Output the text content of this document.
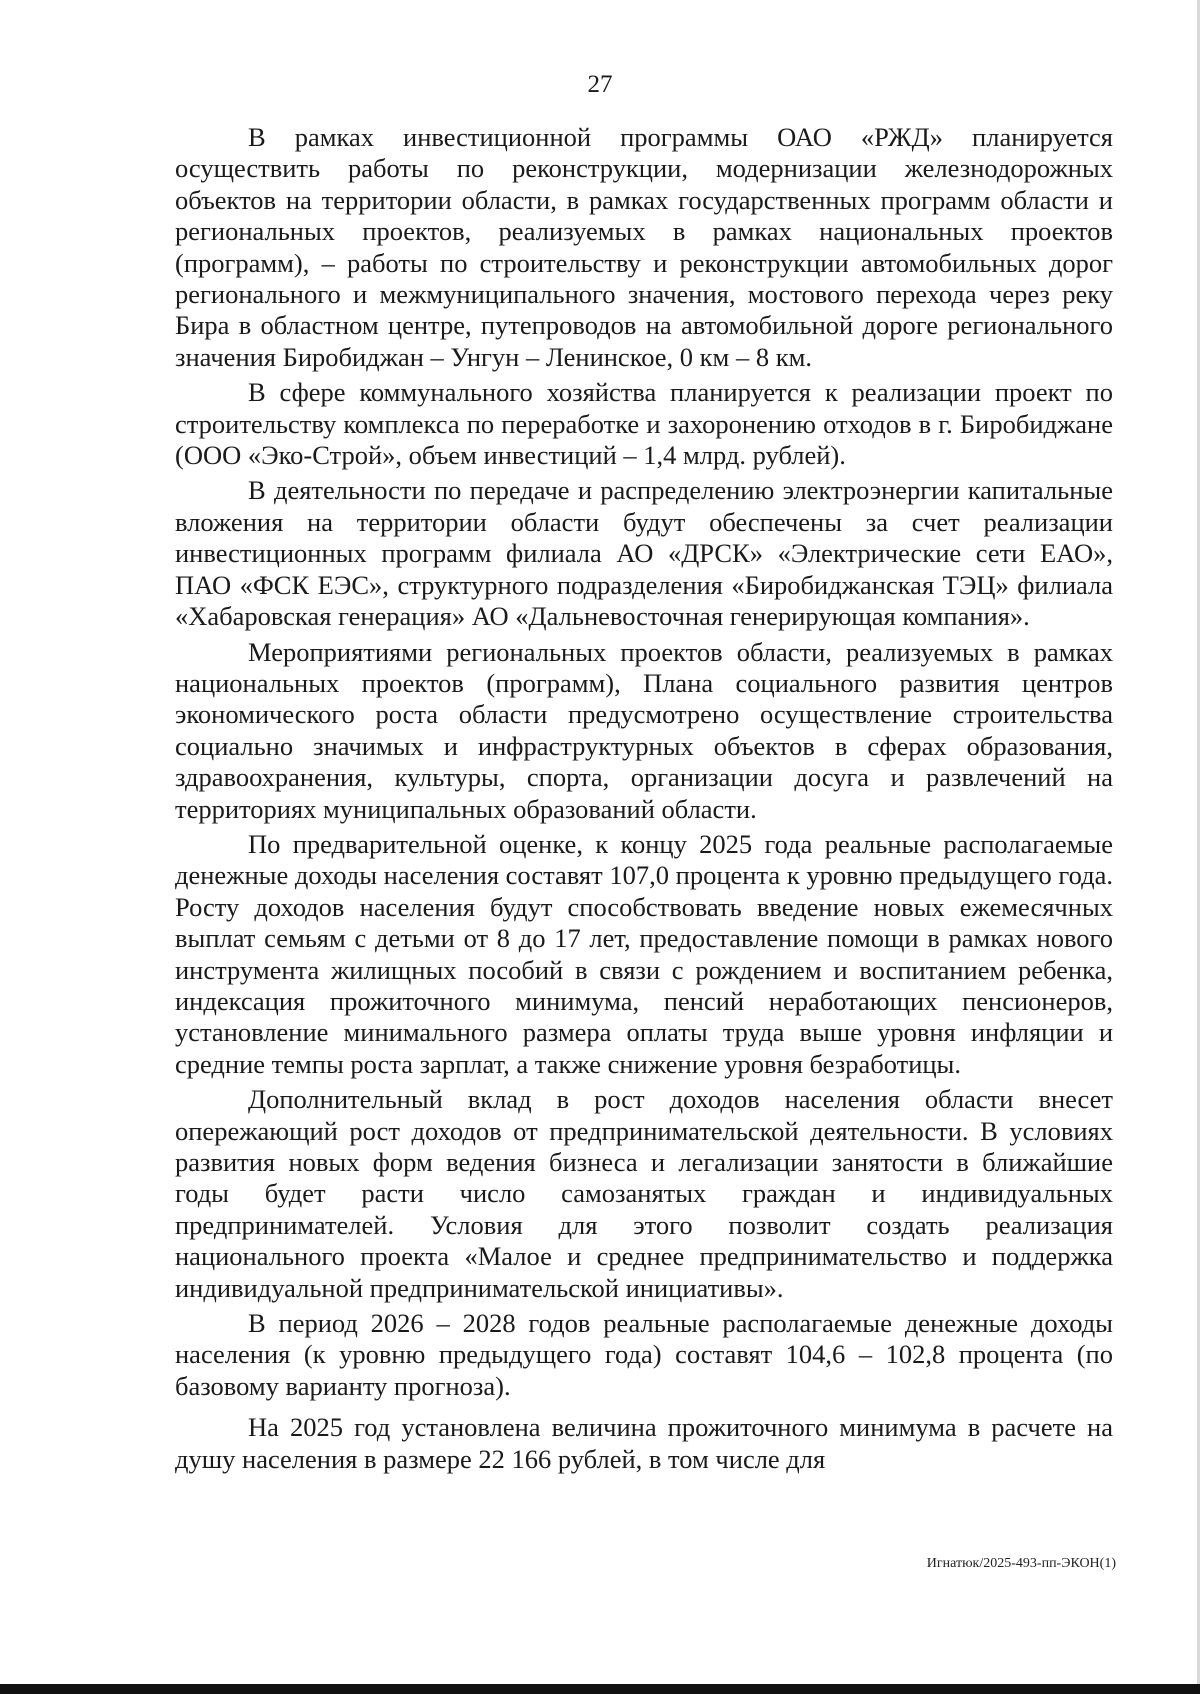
27

В рамках инвестиционной программы ОАО «РЖД» планируется осуществить работы по реконструкции, модернизации железнодорожных объектов на территории области, в рамках государственных программ области и региональных проектов, реализуемых в рамках национальных проектов (программ), – работы по строительству и реконструкции автомобильных дорог регионального и межмуниципального значения, мостового перехода через реку Бира в областном центре, путепроводов на автомобильной дороге регионального значения Биробиджан – Унгун – Ленинское, 0 км – 8 км.

В сфере коммунального хозяйства планируется к реализации проект по строительству комплекса по переработке и захоронению отходов в г. Биробиджане (ООО «Эко-Строй», объем инвестиций – 1,4 млрд. рублей).

В деятельности по передаче и распределению электроэнергии капитальные вложения на территории области будут обеспечены за счет реализации инвестиционных программ филиала АО «ДРСК» «Электрические сети ЕАО», ПАО «ФСК ЕЭС», структурного подразделения «Биробиджанская ТЭЦ» филиала «Хабаровская генерация» АО «Дальневосточная генерирующая компания».

Мероприятиями региональных проектов области, реализуемых в рамках национальных проектов (программ), Плана социального развития центров экономического роста области предусмотрено осуществление строительства социально значимых и инфраструктурных объектов в сферах образования, здравоохранения, культуры, спорта, организации досуга и развлечений на территориях муниципальных образований области.

По предварительной оценке, к концу 2025 года реальные располагаемые денежные доходы населения составят 107,0 процента к уровню предыдущего года. Росту доходов населения будут способствовать введение новых ежемесячных выплат семьям с детьми от 8 до 17 лет, предоставление помощи в рамках нового инструмента жилищных пособий в связи с рождением и воспитанием ребенка, индексация прожиточного минимума, пенсий неработающих пенсионеров, установление минимального размера оплаты труда выше уровня инфляции и средние темпы роста зарплат, а также снижение уровня безработицы.

Дополнительный вклад в рост доходов населения области внесет опережающий рост доходов от предпринимательской деятельности. В условиях развития новых форм ведения бизнеса и легализации занятости в ближайшие годы будет расти число самозанятых граждан и индивидуальных предпринимателей. Условия для этого позволит создать реализация национального проекта «Малое и среднее предпринимательство и поддержка индивидуальной предпринимательской инициативы».

В период 2026 – 2028 годов реальные располагаемые денежные доходы населения (к уровню предыдущего года) составят 104,6 – 102,8 процента (по базовому варианту прогноза).

На 2025 год установлена величина прожиточного минимума в расчете на душу населения в размере 22 166 рублей, в том числе для

Игнатюк/2025-493-пп-ЭКОН(1)
